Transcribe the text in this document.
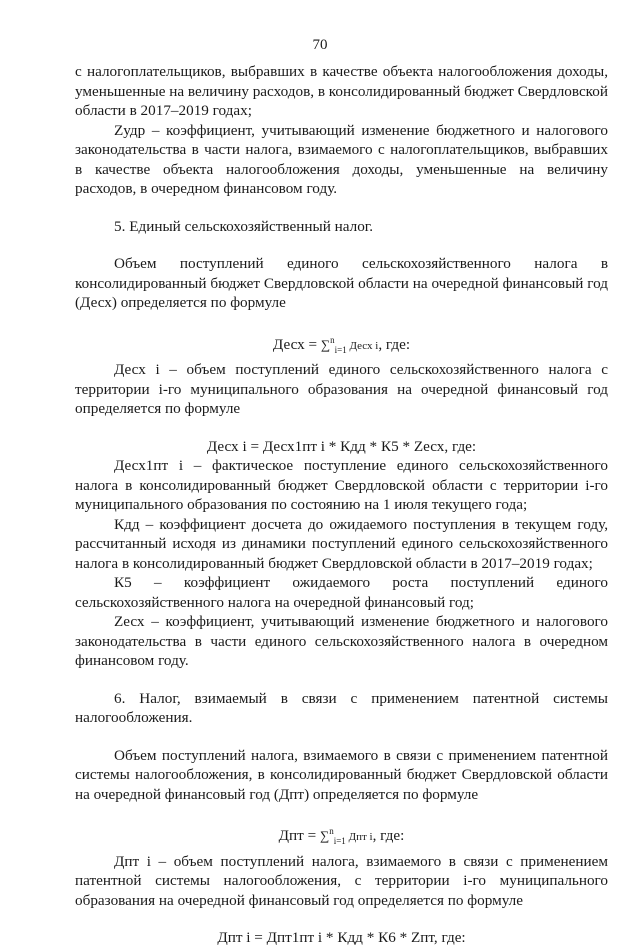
70

с налогоплательщиков, выбравших в качестве объекта налогообложения доходы, уменьшенные на величину расходов, в консолидированный бюджет Свердловской области в 2017–2019 годах;

Zудр – коэффициент, учитывающий изменение бюджетного и налогового законодательства в части налога, взимаемого с налогоплательщиков, выбравших в качестве объекта налогообложения доходы, уменьшенные на величину расходов, в очередном финансовом году.

5. Единый сельскохозяйственный налог.

Объем поступлений единого сельскохозяйственного налога в консолидированный бюджет Свердловской области на очередной финансовый год (Десх) определяется по формуле

Десх = ∑$^n_{i=1}$ Десх i, где:

Десх i – объем поступлений единого сельскохозяйственного налога с территории i-го муниципального образования на очередной финансовый год определяется по формуле

Десх i = Десх1пт i * Кдд * К5 * Zесх, где:

Десх1пт i – фактическое поступление единого сельскохозяйственного налога в консолидированный бюджет Свердловской области с территории i-го муниципального образования по состоянию на 1 июля текущего года;

Кдд – коэффициент досчета до ожидаемого поступления в текущем году, рассчитанный исходя из динамики поступлений единого сельскохозяйственного налога в консолидированный бюджет Свердловской области в 2017–2019 годах;

К5 – коэффициент ожидаемого роста поступлений единого сельскохозяйственного налога на очередной финансовый год;

Zесх – коэффициент, учитывающий изменение бюджетного и налогового законодательства в части единого сельскохозяйственного налога в очередном финансовом году.

6. Налог, взимаемый в связи с применением патентной системы налогообложения.

Объем поступлений налога, взимаемого в связи с применением патентной системы налогообложения, в консолидированный бюджет Свердловской области на очередной финансовый год (Дпт) определяется по формуле

Дпт = ∑$^n_{i=1}$ Дпт i, где:

Дпт i – объем поступлений налога, взимаемого в связи с применением патентной системы налогообложения, с территории i-го муниципального образования на очередной финансовый год определяется по формуле

Дпт i = Дпт1пт i * Кдд * К6 * Zпт, где:
